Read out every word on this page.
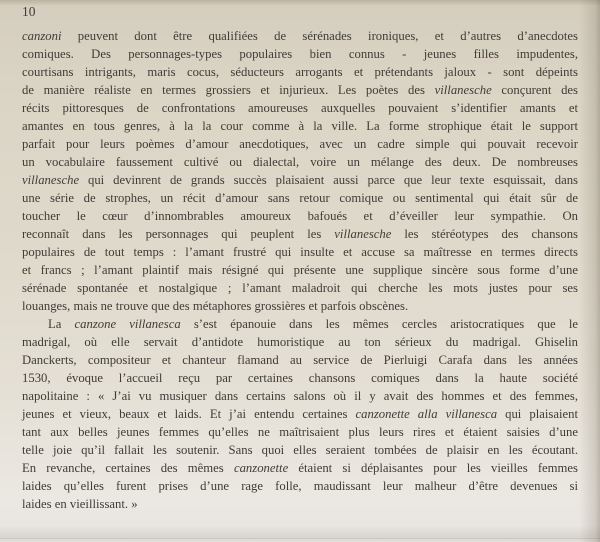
10
canzoni peuvent dont être qualifiées de sérénades ironiques, et d’autres d’anecdotes
comiques. Des personnages-types populaires bien connus - jeunes filles impudentes,
courtisans intrigants, maris cocus, séducteurs arrogants et prétendants jaloux - sont dépeints
de manière réaliste en termes grossiers et injurieux. Les poètes des villanesche conçurent des
récits pittoresques de confrontations amoureuses auxquelles pouvaient s’identifier amants et
amantes en tous genres, à la la cour comme à la ville. La forme strophique était le support
parfait pour leurs poèmes d’amour anecdotiques, avec un cadre simple qui pouvait recevoir
un vocabulaire faussement cultivé ou dialectal, voire un mélange des deux. De nombreuses
villanesche qui devinrent de grands succès plaisaient aussi parce que leur texte esquissait, dans
une série de strophes, un récit d’amour sans retour comique ou sentimental qui était sûr de
toucher le cœur d’innombrables amoureux bafoués et d’éveiller leur sympathie. On
reconnaît dans les personnages qui peuplent les villanesche les stéréotypes des chansons
populaires de tout temps : l’amant frustré qui insulte et accuse sa maîtresse en termes directs
et francs ; l’amant plaintif mais résigné qui présente une supplique sincère sous forme d’une
sérénade spontanée et nostalgique ; l’amant maladroit qui cherche les mots justes pour ses
louanges, mais ne trouve que des métaphores grossières et parfois obscènes.
La canzone villanesca s’est épanouie dans les mêmes cercles aristocratiques que le
madrigal, où elle servait d’antidote humoristique au ton sérieux du madrigal. Ghiselin
Danckerts, compositeur et chanteur flamand au service de Pierluigi Carafa dans les années
1530, évoque l’accueil reçu par certaines chansons comiques dans la haute société
napolitaine : « J’ai vu musiquer dans certains salons où il y avait des hommes et des femmes,
jeunes et vieux, beaux et laids. Et j’ai entendu certaines canzonette alla villanesca qui plaisaient
tant aux belles jeunes femmes qu’elles ne maîtrisaient plus leurs rires et étaient saisies d’une
telle joie qu’il fallait les soutenir. Sans quoi elles seraient tombées de plaisir en les écoutant.
En revanche, certaines des mêmes canzonette étaient si déplaisantes pour les vieilles femmes
laides qu’elles furent prises d’une rage folle, maudissant leur malheur d’être devenues si
laides en vieillissant. »
